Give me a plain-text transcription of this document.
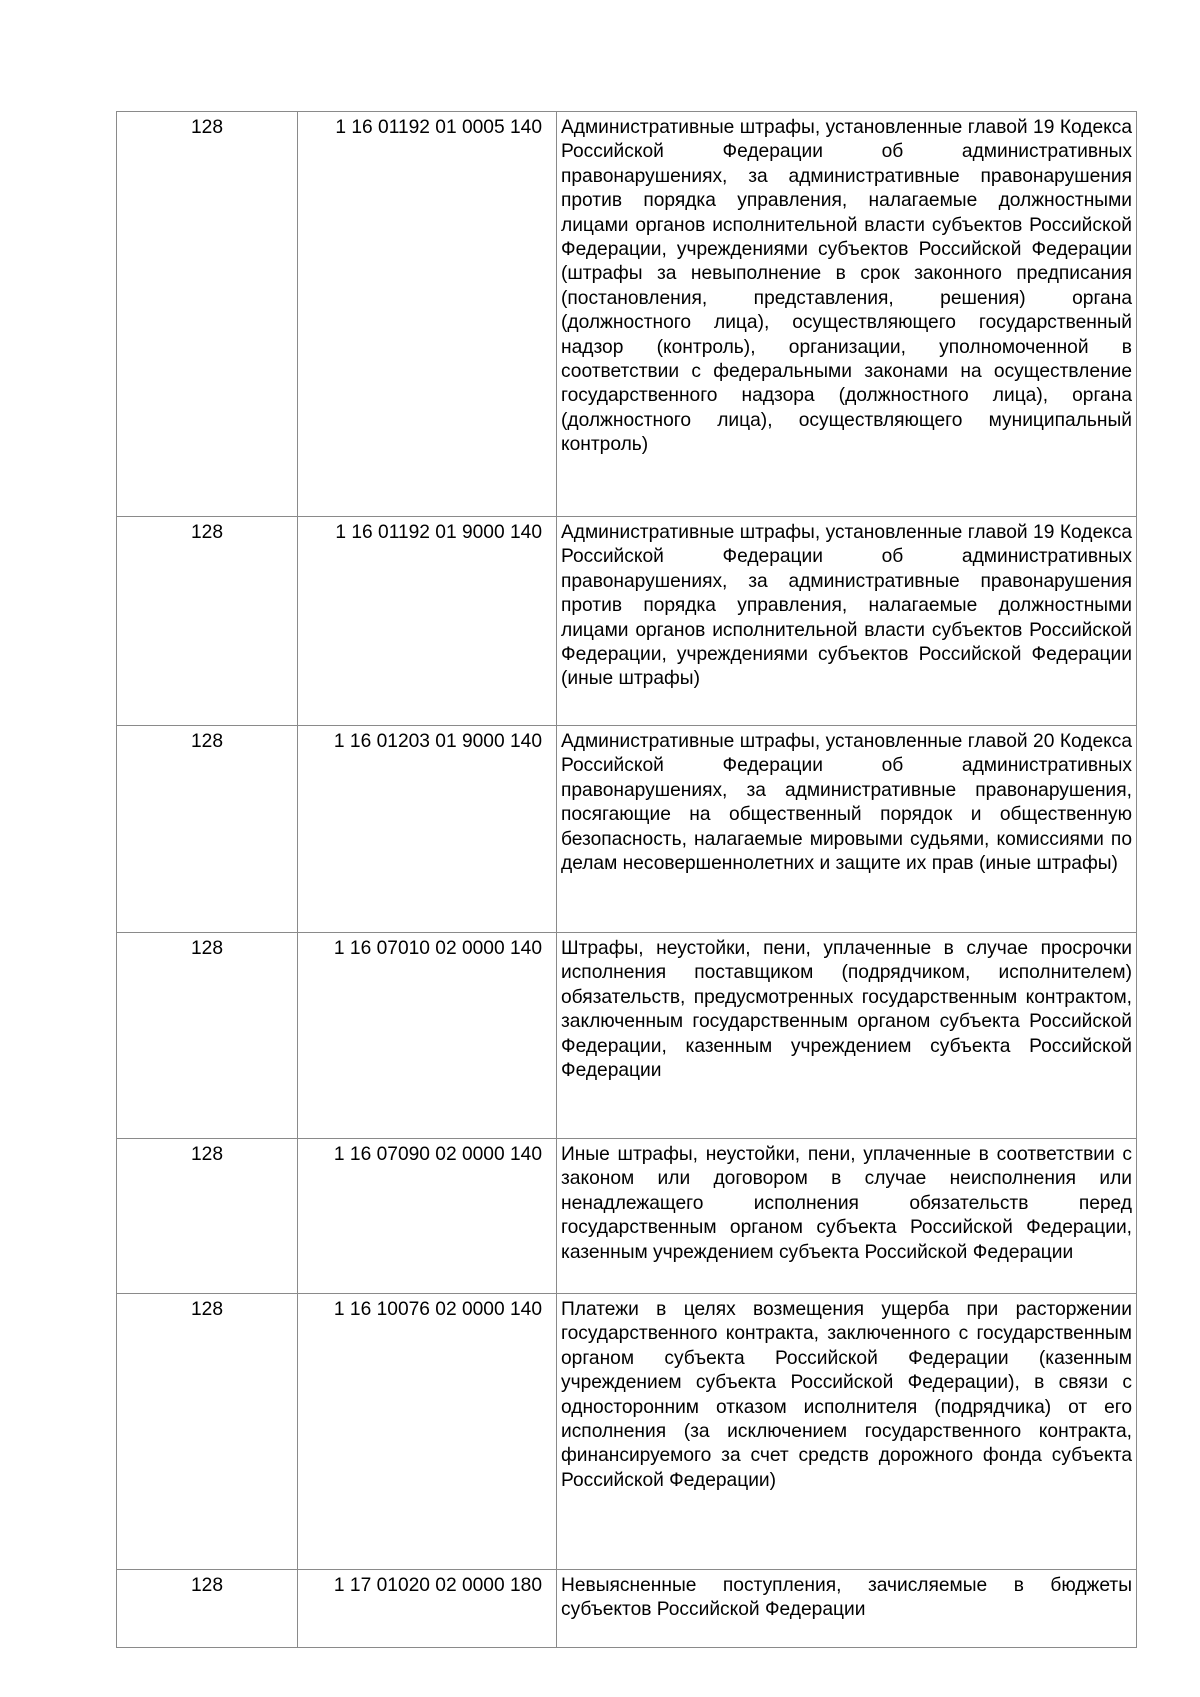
128	1 16 01192 01 0005 140	Административные штрафы, установленные главой 19 Кодекса Российской Федерации об административных правонарушениях, за административные правонарушения против порядка управления, налагаемые должностными лицами органов исполнительной власти субъектов Российской Федерации, учреждениями субъектов Российской Федерации (штрафы за невыполнение в срок законного предписания (постановления, представления, решения) органа (должностного лица), осуществляющего государственный надзор (контроль), организации, уполномоченной в соответствии с федеральными законами на осуществление государственного надзора (должностного лица), органа (должностного лица), осуществляющего муниципальный контроль)
128	1 16 01192 01 9000 140	Административные штрафы, установленные главой 19 Кодекса Российской Федерации об административных правонарушениях, за административные правонарушения против порядка управления, налагаемые должностными лицами органов исполнительной власти субъектов Российской Федерации, учреждениями субъектов Российской Федерации (иные штрафы)
128	1 16 01203 01 9000 140	Административные штрафы, установленные главой 20 Кодекса Российской Федерации об административных правонарушениях, за административные правонарушения, посягающие на общественный порядок и общественную безопасность, налагаемые мировыми судьями, комиссиями по делам несовершеннолетних и защите их прав (иные штрафы)
128	1 16 07010 02 0000 140	Штрафы, неустойки, пени, уплаченные в случае просрочки исполнения поставщиком (подрядчиком, исполнителем) обязательств, предусмотренных государственным контрактом, заключенным государственным органом субъекта Российской Федерации, казенным учреждением субъекта Российской Федерации
128	1 16 07090 02 0000 140	Иные штрафы, неустойки, пени, уплаченные в соответствии с законом или договором в случае неисполнения или ненадлежащего исполнения обязательств перед государственным органом субъекта Российской Федерации, казенным учреждением субъекта Российской Федерации
128	1 16 10076 02 0000 140	Платежи в целях возмещения ущерба при расторжении государственного контракта, заключенного с государственным органом субъекта Российской Федерации (казенным учреждением субъекта Российской Федерации), в связи с односторонним отказом исполнителя (подрядчика) от его исполнения (за исключением государственного контракта, финансируемого за счет средств дорожного фонда субъекта Российской Федерации)
128	1 17 01020 02 0000 180	Невыясненные поступления, зачисляемые в бюджеты субъектов Российской Федерации
